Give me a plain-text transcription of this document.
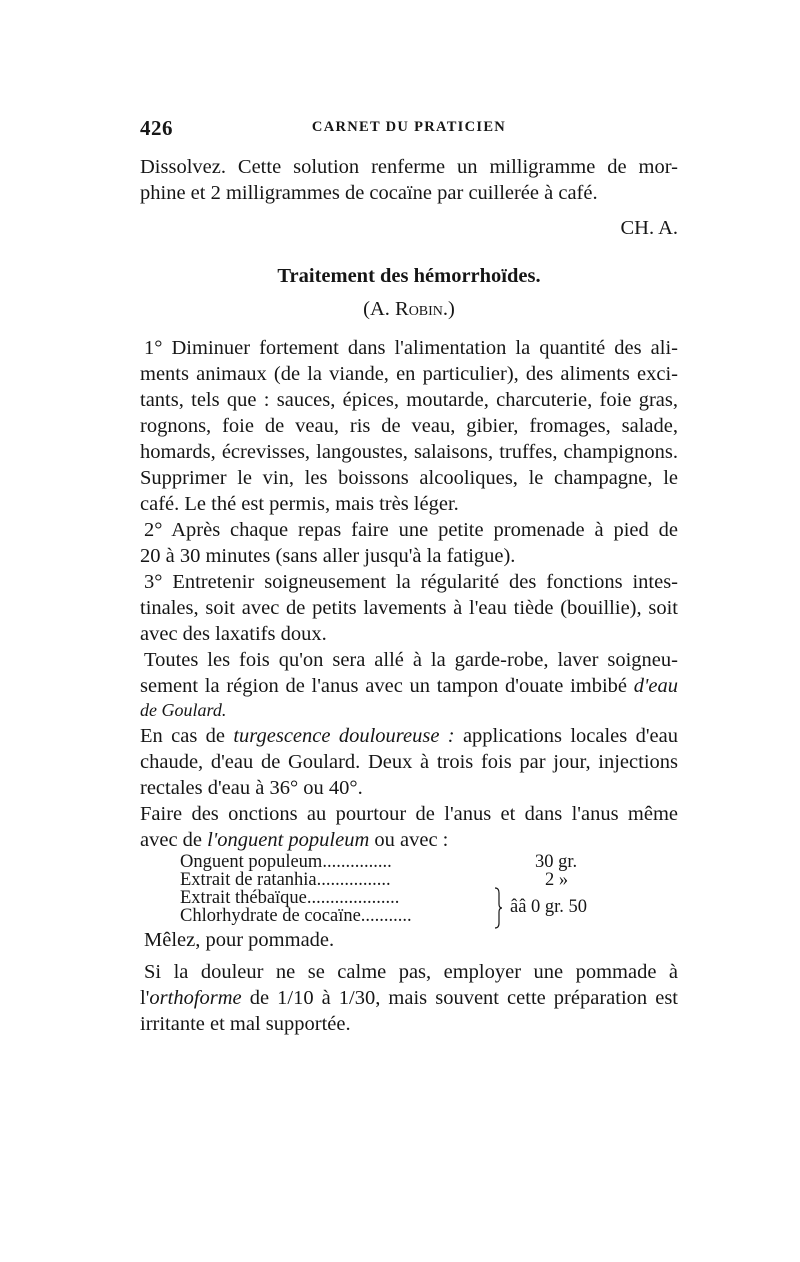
426	CARNET DU PRATICIEN
Dissolvez. Cette solution renferme un milligramme de mor-
phine et 2 milligrammes de cocaïne par cuillerée à café.
CH. A.
Traitement des hémorrhoïdes.
(A. Robin.)
1° Diminuer fortement dans l'alimentation la quantité des ali-
ments animaux (de la viande, en particulier), des aliments exci-
tants, tels que : sauces, épices, moutarde, charcuterie, foie gras,
rognons, foie de veau, ris de veau, gibier, fromages, salade,
homards, écrevisses, langoustes, salaisons, truffes, champignons.
Supprimer le vin, les boissons alcooliques, le champagne, le
café. Le thé est permis, mais très léger.
2° Après chaque repas faire une petite promenade à pied de
20 à 30 minutes (sans aller jusqu'à la fatigue).
3° Entretenir soigneusement la régularité des fonctions intes-
tinales, soit avec de petits lavements à l'eau tiède (bouillie), soit
avec des laxatifs doux.
Toutes les fois qu'on sera allé à la garde-robe, laver soigneu-
sement la région de l'anus avec un tampon d'ouate imbibé d'eau
de Goulard.
En cas de turgescence douloureuse : applications locales d'eau
chaude, d'eau de Goulard. Deux à trois fois par jour, injections
rectales d'eau à 36° ou 40°.
Faire des onctions au pourtour de l'anus et dans l'anus même
avec de l'onguent populeum ou avec :
Onguent populeum...............	30 gr.
Extrait de ratanhia................	2 »
Extrait thébaïque....................
Chlorhydrate de cocaïne...........	ââ 0 gr. 50
Mêlez, pour pommade.
Si la douleur ne se calme pas, employer une pommade à
l'orthoforme de 1/10 à 1/30, mais souvent cette préparation est
irritante et mal supportée.
